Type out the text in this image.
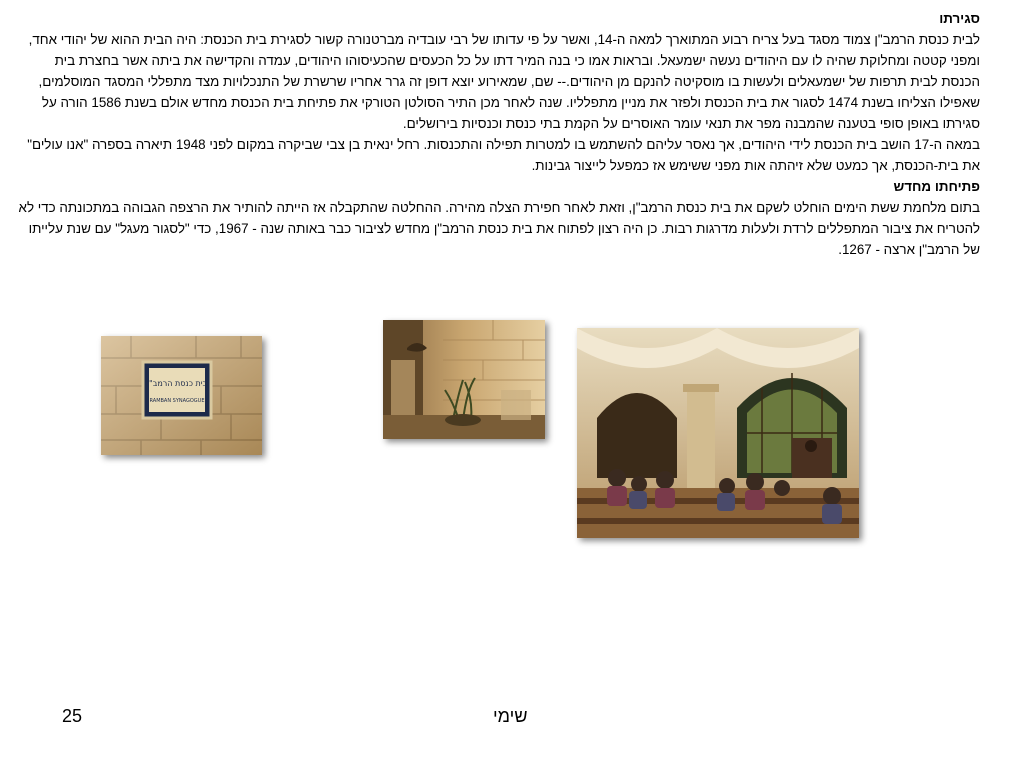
סגירתו

לבית כנסת הרמב"ן צמוד מסגד בעל צריח רבוע המתוארך למאה ה-14, ואשר על פי עדותו של רבי עובדיה מברטנורה קשור לסגירת בית הכנסת: היה הבית ההוא של יהודי אחד, ומפני קטטה ומחלוקת שהיה לו עם היהודים נעשה ישמעאל. ובראות אמו כי בנה המיר דתו על כל הכעסים שהכעיסוהו היהודים, עמדה והקדישה את ביתה אשר בחצרת בית הכנסת לבית תרפות של ישמעאלים ולעשות בו מוסקיטה להנקם מן היהודים.-- שם, שמאירוע יוצא דופן זה גרר אחריו שרשרת של התנכלויות מצד מתפללי המסגד המוסלמים, שאפילו הצליחו בשנת 1474 לסגור את בית הכנסת ולפזר את מניין מתפלליו. שנה לאחר מכן התיר הסולטן הטורקי את פתיחת בית הכנסת מחדש אולם בשנת 1586 הורה על סגירתו באופן סופי בטענה שהמבנה מפר את תנאי עומר האוסרים על הקמת בתי כנסת וכנסיות בירושלים.

במאה ה-17 הושב בית הכנסת לידי היהודים, אך נאסר עליהם להשתמש בו למטרות תפילה והתכנסות. רחל ינאית בן צבי שביקרה במקום לפני 1948 תיארה בספרה "אנו עולים" את בית-הכנסת, אך כמעט שלא זיהתה אות מפני ששימש אז כמפעל לייצור גבינות.

פתיחתו מחדש

בתום מלחמת ששת הימים הוחלט לשקם את בית כנסת הרמב"ן, וזאת לאחר חפירת הצלה מהירה. ההחלטה שהתקבלה אז הייתה להותיר את הרצפה הגבוהה במתכונתה כדי לא להטריח את ציבור המתפללים לרדת ולעלות מדרגות רבות. כן היה רצון לפתוח את בית כנסת הרמב"ן מחדש לציבור כבר באותה שנה - 1967, כדי "לסגור מעגל" עם שנת עלייתו של הרמב"ן ארצה - 1267.

בית כנסת הרמב"ן
RAMBAN SYNAGOGUE
25	שימי
